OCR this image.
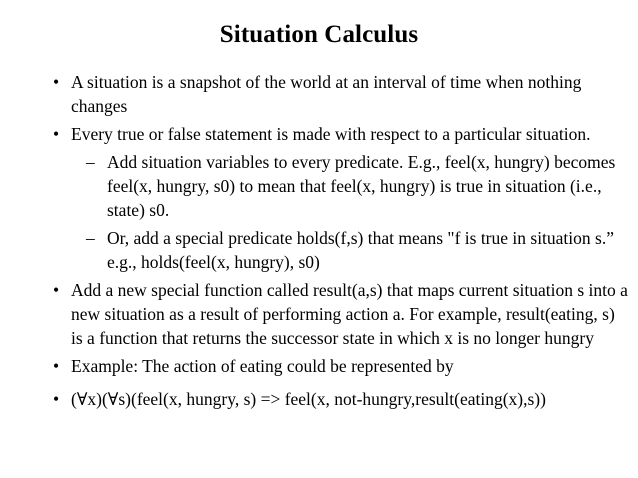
Situation Calculus
• A situation is a snapshot of the world at an interval of time when nothing changes
• Every true or false statement is made with respect to a particular situation.
– Add situation variables to every predicate. E.g., feel(x, hungry) becomes feel(x, hungry, s0) to mean that feel(x, hungry) is true in situation (i.e., state) s0.
– Or, add a special predicate holds(f,s) that means "f is true in situation s.” e.g., holds(feel(x, hungry), s0)
• Add a new special function called result(a,s) that maps current situation s into a new situation as a result of performing action a. For example, result(eating, s) is a function that returns the successor state in which x is no longer hungry
• Example: The action of eating could be represented by
• (∀x)(∀s)(feel(x, hungry, s) => feel(x, not-hungry,result(eating(x),s))
